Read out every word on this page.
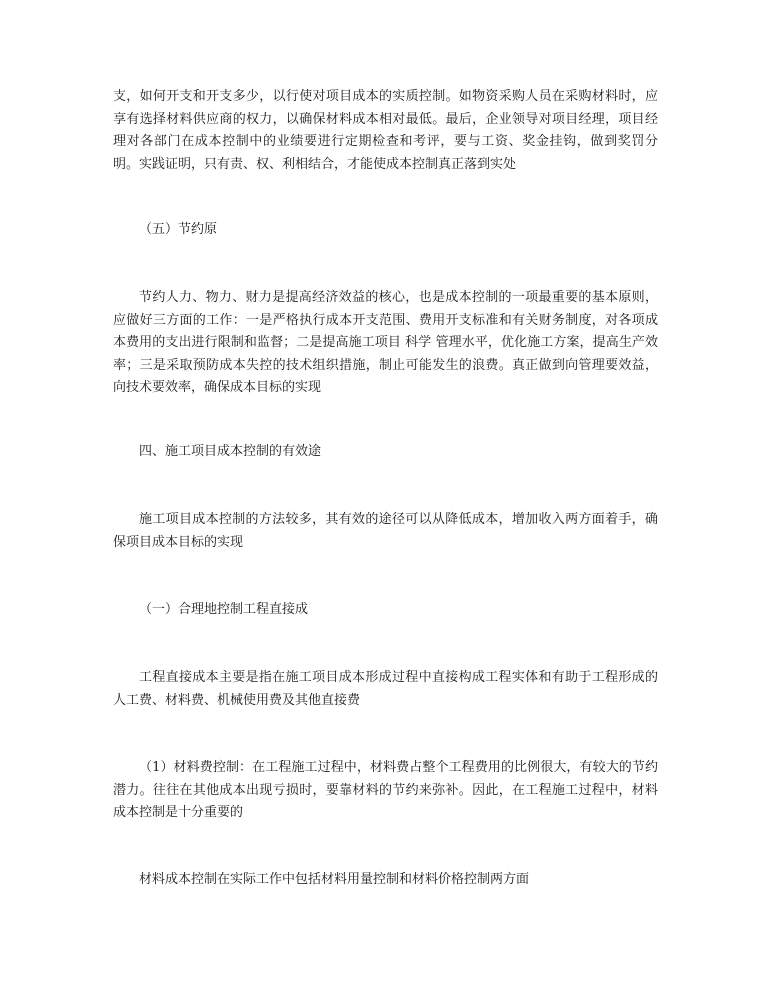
支，如何开支和开支多少，以行使对项目成本的实质控制。如物资采购人员在采购材料时，应享有选择材料供应商的权力，以确保材料成本相对最低。最后，企业领导对项目经理，项目经理对各部门在成本控制中的业绩要进行定期检查和考评，要与工资、奖金挂钩，做到奖罚分明。实践证明，只有责、权、利相结合，才能使成本控制真正落到实处

（五）节约原

节约人力、物力、财力是提高经济效益的核心，也是成本控制的一项最重要的基本原则，应做好三方面的工作：一是严格执行成本开支范围、费用开支标准和有关财务制度，对各项成本费用的支出进行限制和监督；二是提高施工项目 科学 管理水平，优化施工方案，提高生产效率；三是采取预防成本失控的技术组织措施，制止可能发生的浪费。真正做到向管理要效益，向技术要效率，确保成本目标的实现

四、施工项目成本控制的有效途

施工项目成本控制的方法较多，其有效的途径可以从降低成本，增加收入两方面着手，确保项目成本目标的实现

（一）合理地控制工程直接成

工程直接成本主要是指在施工项目成本形成过程中直接构成工程实体和有助于工程形成的人工费、材料费、机械使用费及其他直接费

（1）材料费控制：在工程施工过程中，材料费占整个工程费用的比例很大，有较大的节约潜力。往往在其他成本出现亏损时，要靠材料的节约来弥补。因此，在工程施工过程中，材料成本控制是十分重要的

材料成本控制在实际工作中包括材料用量控制和材料价格控制两方面
